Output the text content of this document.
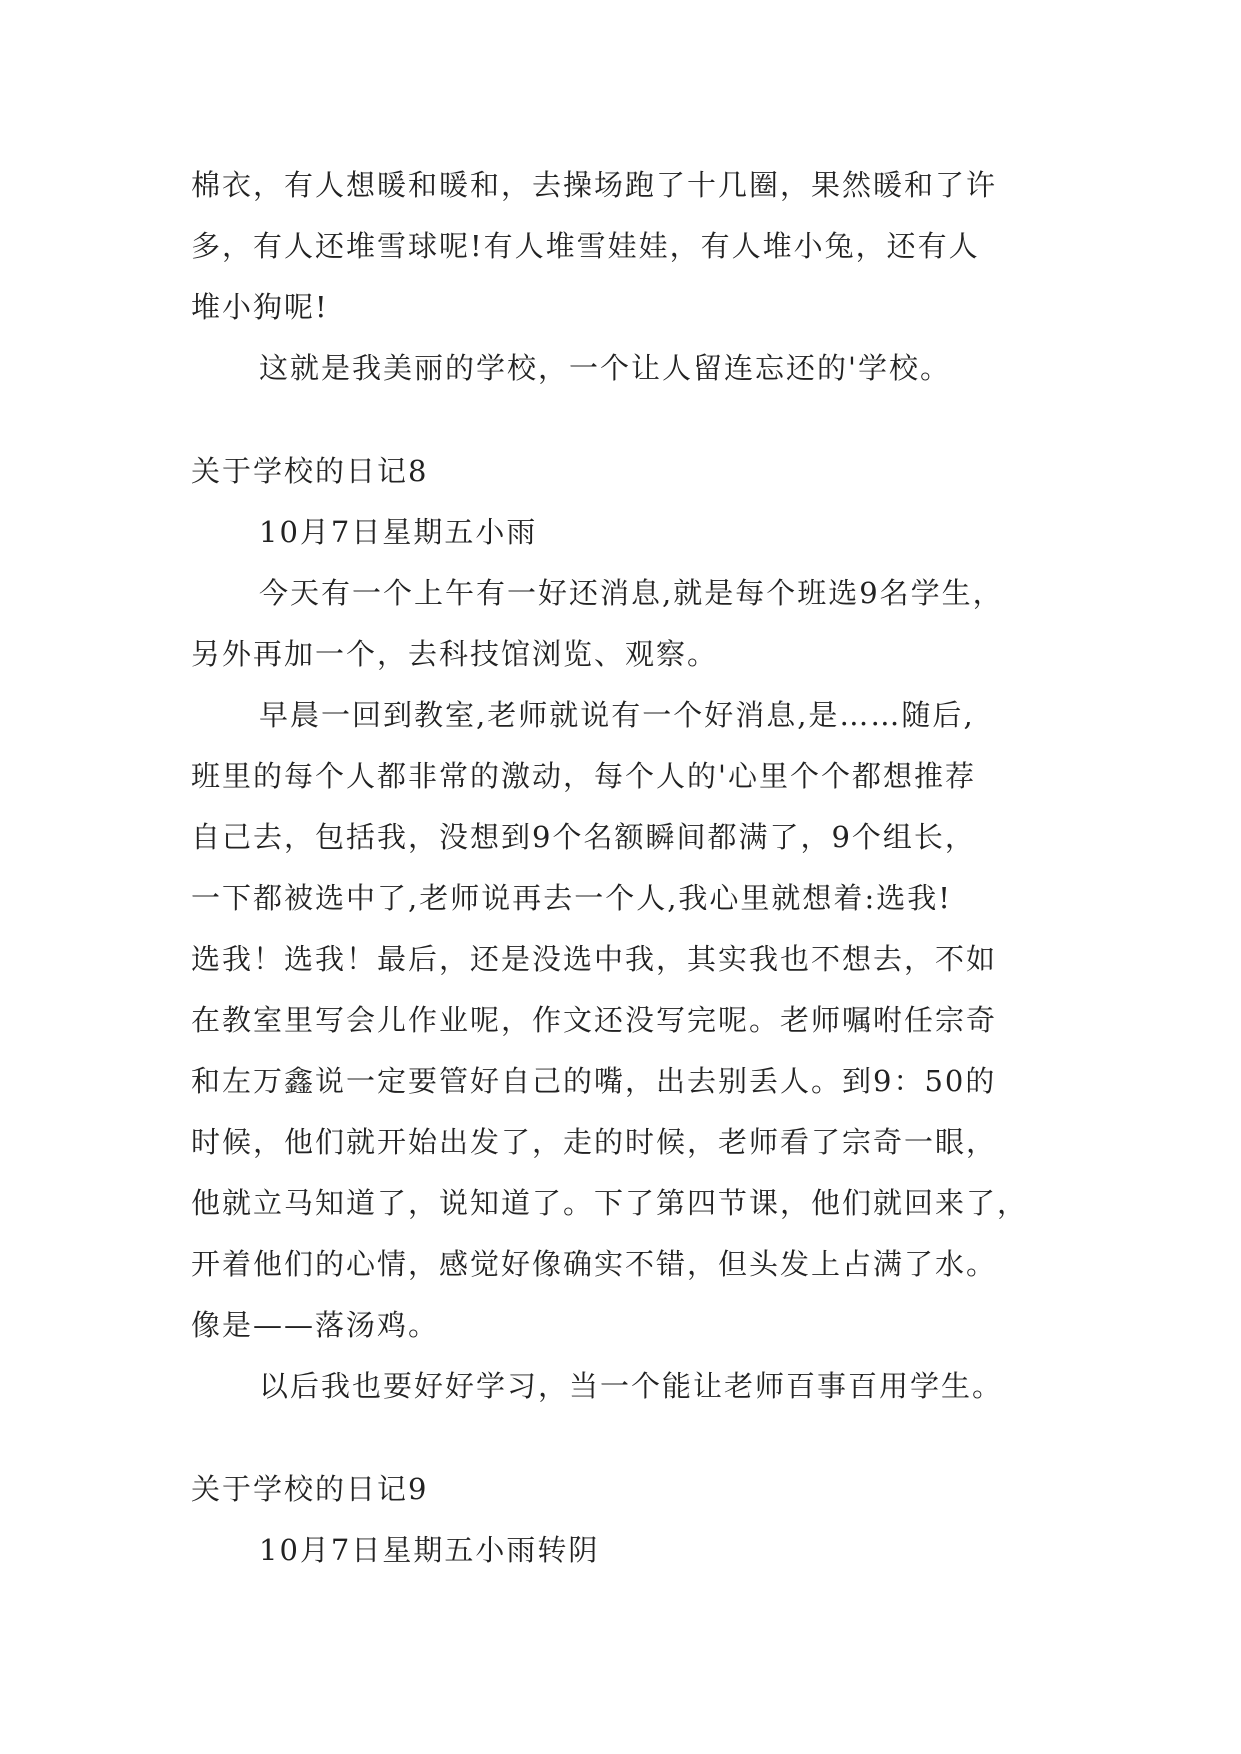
棉衣，有人想暖和暖和，去操场跑了十几圈，果然暖和了许
多，有人还堆雪球呢!有人堆雪娃娃，有人堆小兔，还有人
堆小狗呢!
这就是我美丽的学校，一个让人留连忘还的'学校。
关于学校的日记8
10月7日星期五小雨
今天有一个上午有一好还消息,就是每个班选9名学生，
另外再加一个，去科技馆浏览、观察。
早晨一回到教室,老师就说有一个好消息,是……随后,
班里的每个人都非常的激动，每个人的'心里个个都想推荐
自己去，包括我，没想到9个名额瞬间都满了，9个组长，
一下都被选中了,老师说再去一个人,我心里就想着:选我!
选我！选我！最后，还是没选中我，其实我也不想去，不如
在教室里写会儿作业呢，作文还没写完呢。老师嘱咐任宗奇
和左万鑫说一定要管好自己的嘴，出去别丢人。到9：50的
时候，他们就开始出发了，走的时候，老师看了宗奇一眼，
他就立马知道了，说知道了。下了第四节课，他们就回来了，
开着他们的心情，感觉好像确实不错，但头发上占满了水。
像是——落汤鸡。
以后我也要好好学习，当一个能让老师百事百用学生。
关于学校的日记9
10月7日星期五小雨转阴
